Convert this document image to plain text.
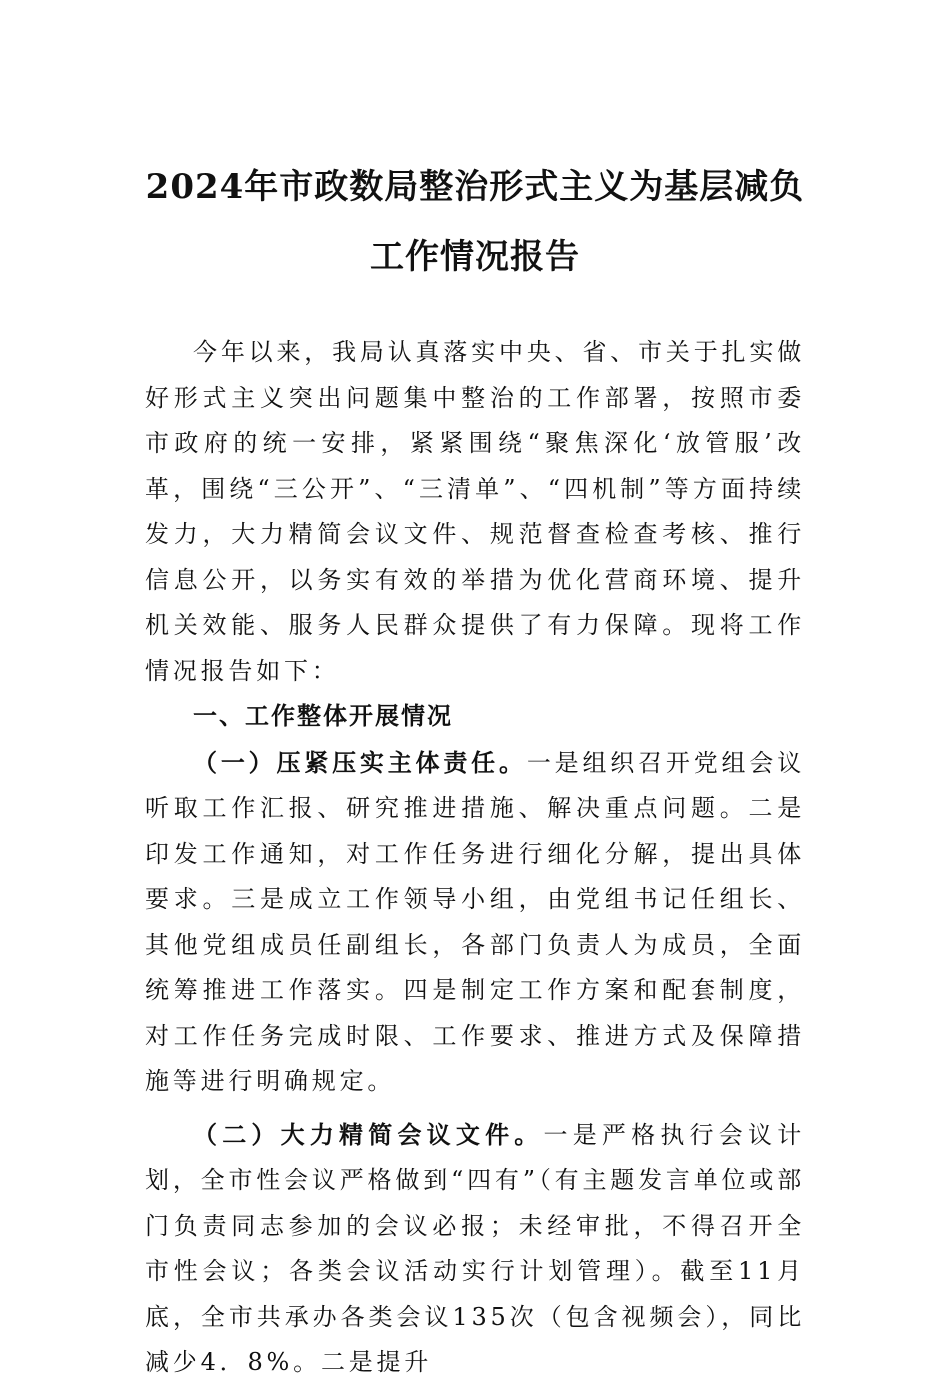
2024年市政数局整治形式主义为基层减负
工作情况报告

今年以来，我局认真落实中央、省、市关于扎实做好形式主义突出问题集中整治的工作部署，按照市委市政府的统一安排，紧紧围绕“聚焦深化‘放管服’改革，围绕“三公开”、“三清单”、“四机制”等方面持续发力，大力精简会议文件、规范督查检查考核、推行信息公开，以务实有效的举措为优化营商环境、提升机关效能、服务人民群众提供了有力保障。现将工作情况报告如下：

一、工作整体开展情况

（一）压紧压实主体责任。一是组织召开党组会议听取工作汇报、研究推进措施、解决重点问题。二是印发工作通知，对工作任务进行细化分解，提出具体要求。三是成立工作领导小组，由党组书记任组长、其他党组成员任副组长，各部门负责人为成员，全面统筹推进工作落实。四是制定工作方案和配套制度，对工作任务完成时限、工作要求、推进方式及保障措施等进行明确规定。

（二）大力精简会议文件。一是严格执行会议计划，全市性会议严格做到“四有”（有主题发言单位或部门负责同志参加的会议必报；未经审批，不得召开全市性会议；各类会议活动实行计划管理）。截至11月底，全市共承办各类会议135次（包含视频会），同比减少4．8%。二是提升
